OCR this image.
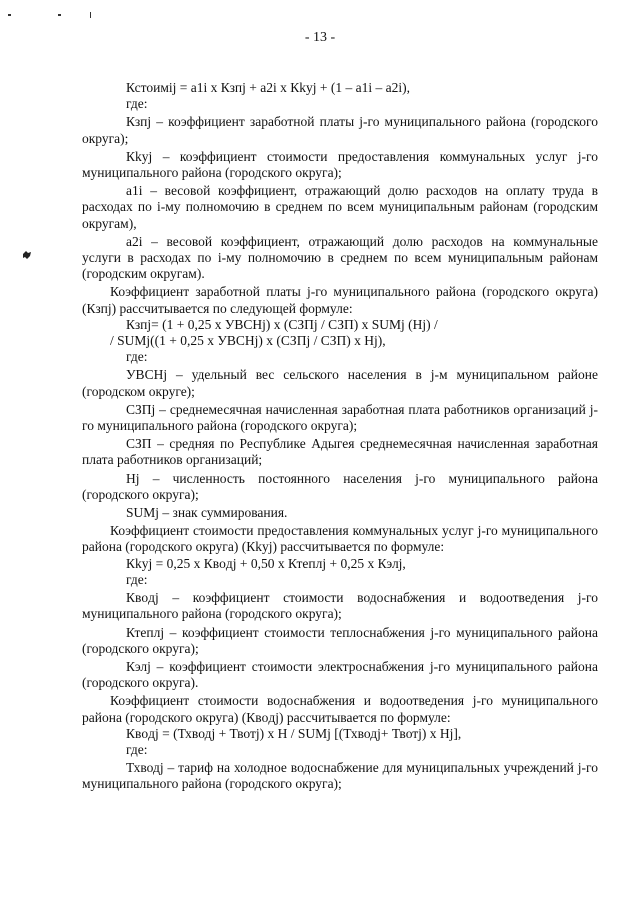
- 13 -

Кстоимij = a1i х Кзпj + a2i х Кkyj + (1 – a1i – a2i),

где:

Кзпj – коэффициент заработной платы j-го муниципального района (городского округа);

Кkyj – коэффициент стоимости предоставления коммунальных услуг j-го муниципального района (городского округа);

a1i – весовой коэффициент, отражающий долю расходов на оплату труда в расходах по i-му полномочию в среднем по всем муниципальным районам (городским округам),

a2i – весовой коэффициент, отражающий долю расходов на коммунальные услуги в расходах по i-му полномочию в среднем по всем муниципальным районам (городским округам).

Коэффициент заработной платы j-го муниципального района (городского округа) (Кзпj) рассчитывается по следующей формуле:

Кзпj= (1 + 0,25 х УВСНj) х (СЗПj / СЗП) х SUMj (Hj) /

/ SUMj((1 + 0,25 х УВСНj) х (СЗПj / СЗП) х Hj),

где:

УВСНj – удельный вес сельского населения в j-м муниципальном районе (городском округе);

СЗПj – среднемесячная начисленная заработная плата работников организаций j-го муниципального района (городского округа);

СЗП – средняя по Республике Адыгея среднемесячная начисленная заработная плата работников организаций;

Hj – численность постоянного населения j-го муниципального района (городского округа);

SUMj – знак суммирования.

Коэффициент стоимости предоставления коммунальных услуг j-го муниципального района (городского округа) (Кkyj) рассчитывается по формуле:

Кkyj = 0,25 х Квoдj + 0,50 х Ктеплj + 0,25 х Кэлj,

где:

Квoдj – коэффициент стоимости водоснабжения и водоотведения j-го муниципального района (городского округа);

Ктеплj – коэффициент стоимости теплоснабжения j-го муниципального района (городского округа);

Кэлj – коэффициент стоимости электроснабжения j-го муниципального района (городского округа).

Коэффициент стоимости водоснабжения и водоотведения j-го муниципального района (городского округа) (Квoдj) рассчитывается по формуле:

Квoдj = (Тхводj + Твотj) х H / SUMj [(Тхводj+ Твотj) х Hj],

где:

Тхводj – тариф на холодное водоснабжение для муниципальных учреждений j-го муниципального района (городского округа);
